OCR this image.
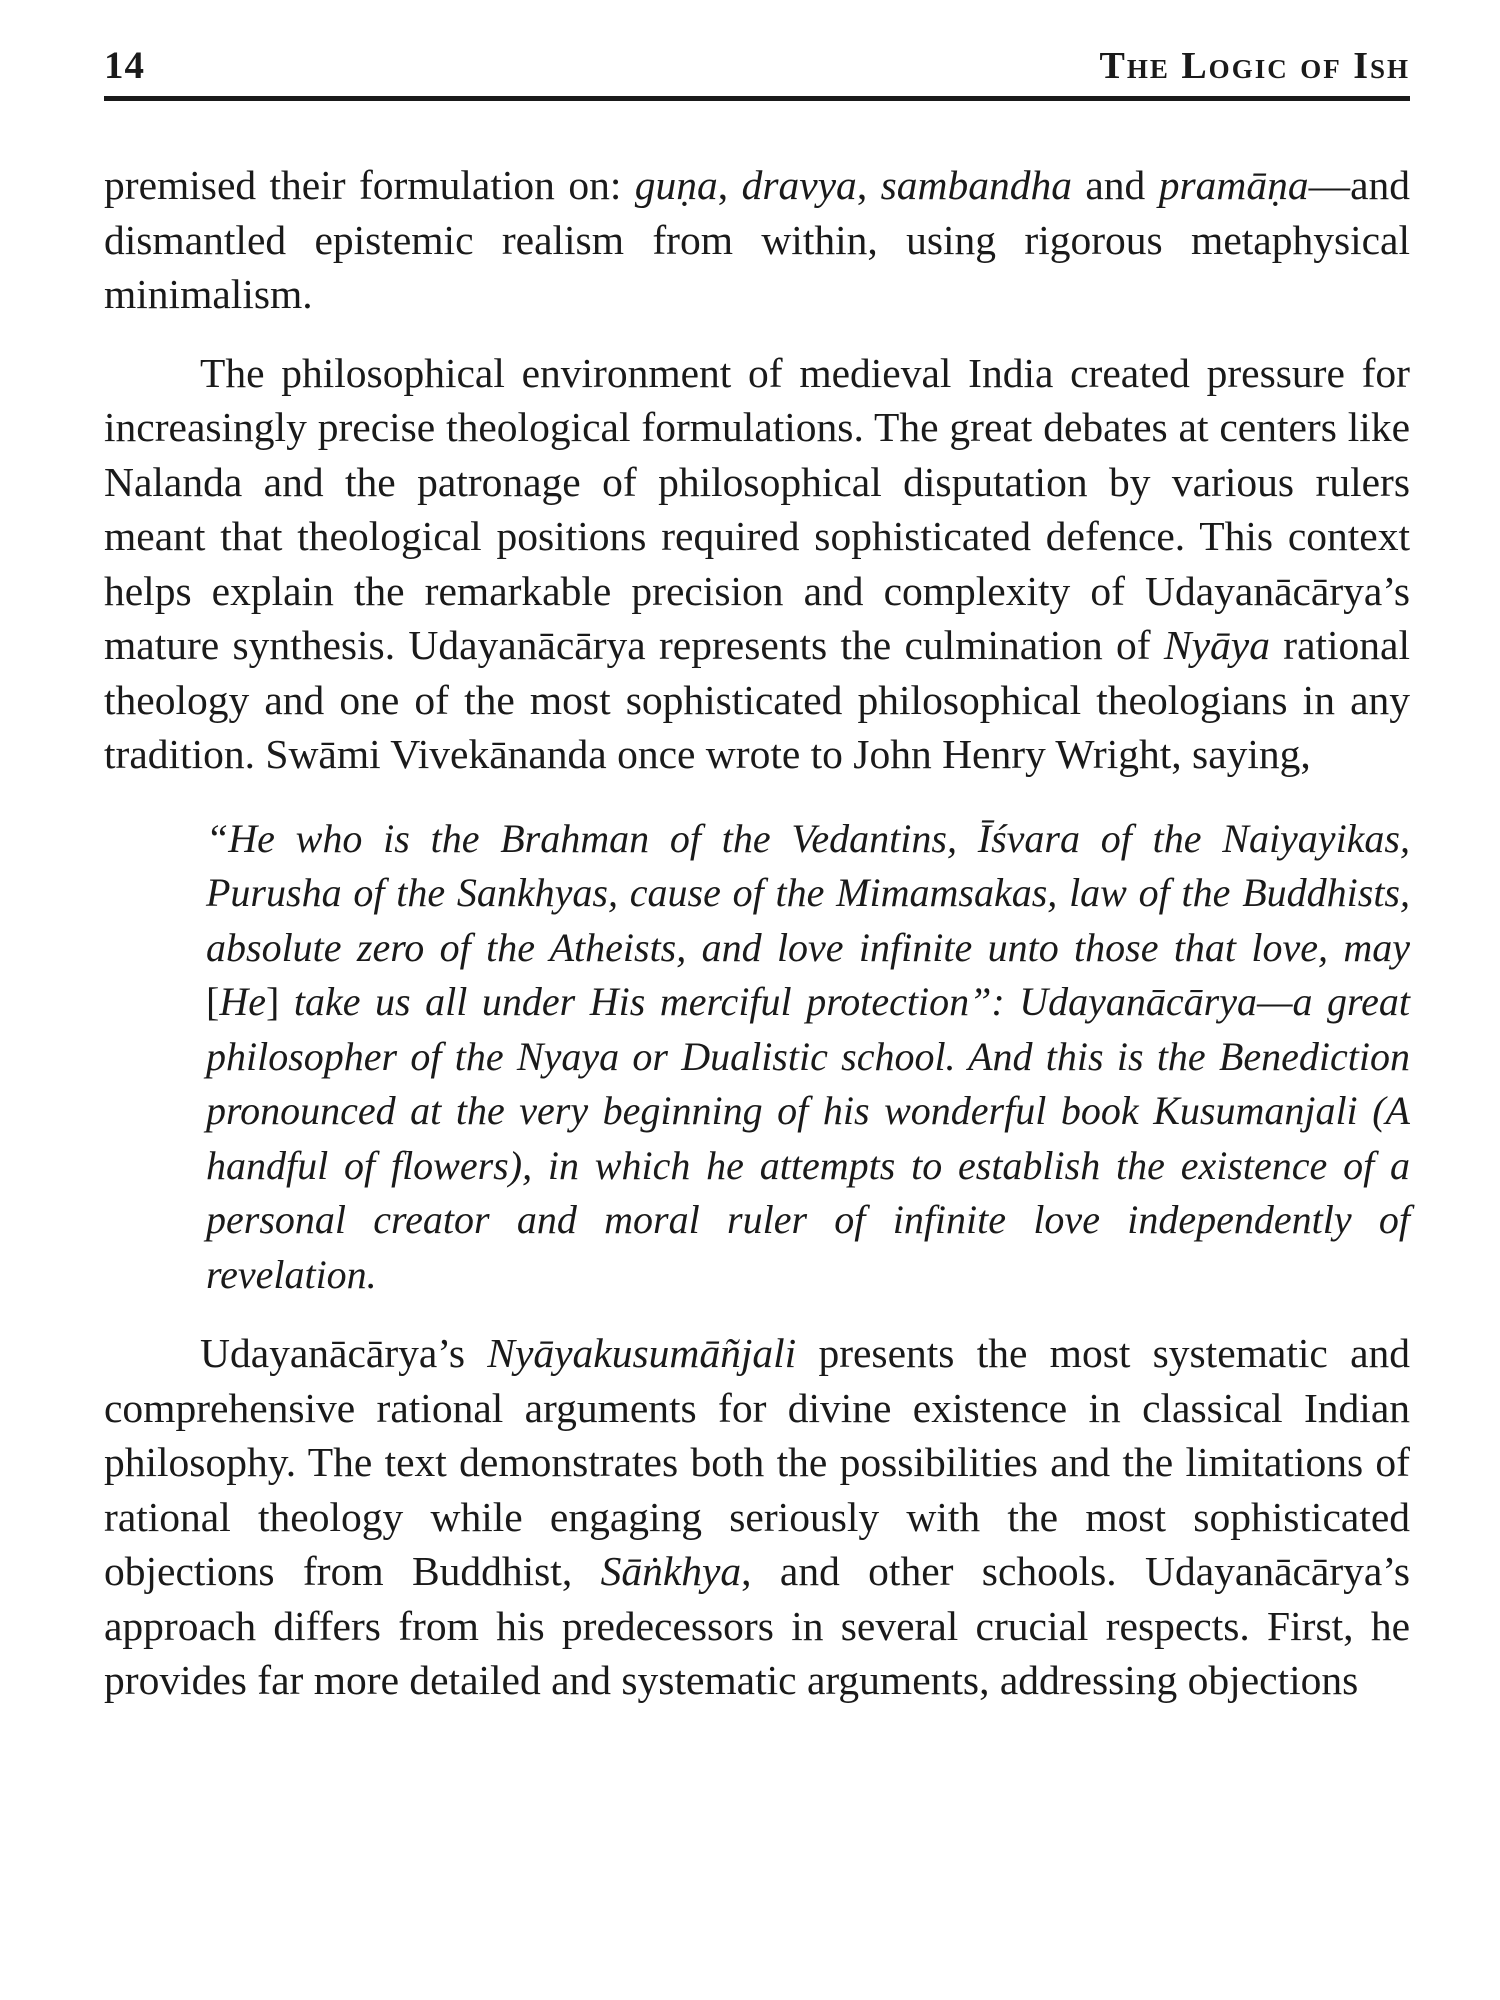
14	The Logic of Ish

premised their formulation on: guṇa, dravya, sambandha and pramāṇa—and dismantled epistemic realism from within, using rigorous metaphysical minimalism.

The philosophical environment of medieval India created pressure for increasingly precise theological formulations. The great debates at centers like Nalanda and the patronage of philosophical disputation by various rulers meant that theological positions required sophisticated defence. This context helps explain the remarkable precision and complexity of Udayanācārya’s mature synthesis. Udayanācārya represents the culmination of Nyāya rational theology and one of the most sophisticated philosophical theologians in any tradition. Swāmi Vivekānanda once wrote to John Henry Wright, saying,

“He who is the Brahman of the Vedantins, Īśvara of the Naiyayikas, Purusha of the Sankhyas, cause of the Mimamsakas, law of the Buddhists, absolute zero of the Atheists, and love infinite unto those that love, may [He] take us all under His merciful protection”: Udayanācārya—a great philosopher of the Nyaya or Dualistic school. And this is the Benediction pronounced at the very beginning of his wonderful book Kusumanjali (A handful of flowers), in which he attempts to establish the existence of a personal creator and moral ruler of infinite love independently of revelation.

Udayanācārya’s Nyāyakusumāñjali presents the most systematic and comprehensive rational arguments for divine existence in classical Indian philosophy. The text demonstrates both the possibilities and the limitations of rational theology while engaging seriously with the most sophisticated objections from Buddhist, Sāṅkhya, and other schools. Udayanācārya’s approach differs from his predecessors in several crucial respects. First, he provides far more detailed and systematic arguments, addressing objections
